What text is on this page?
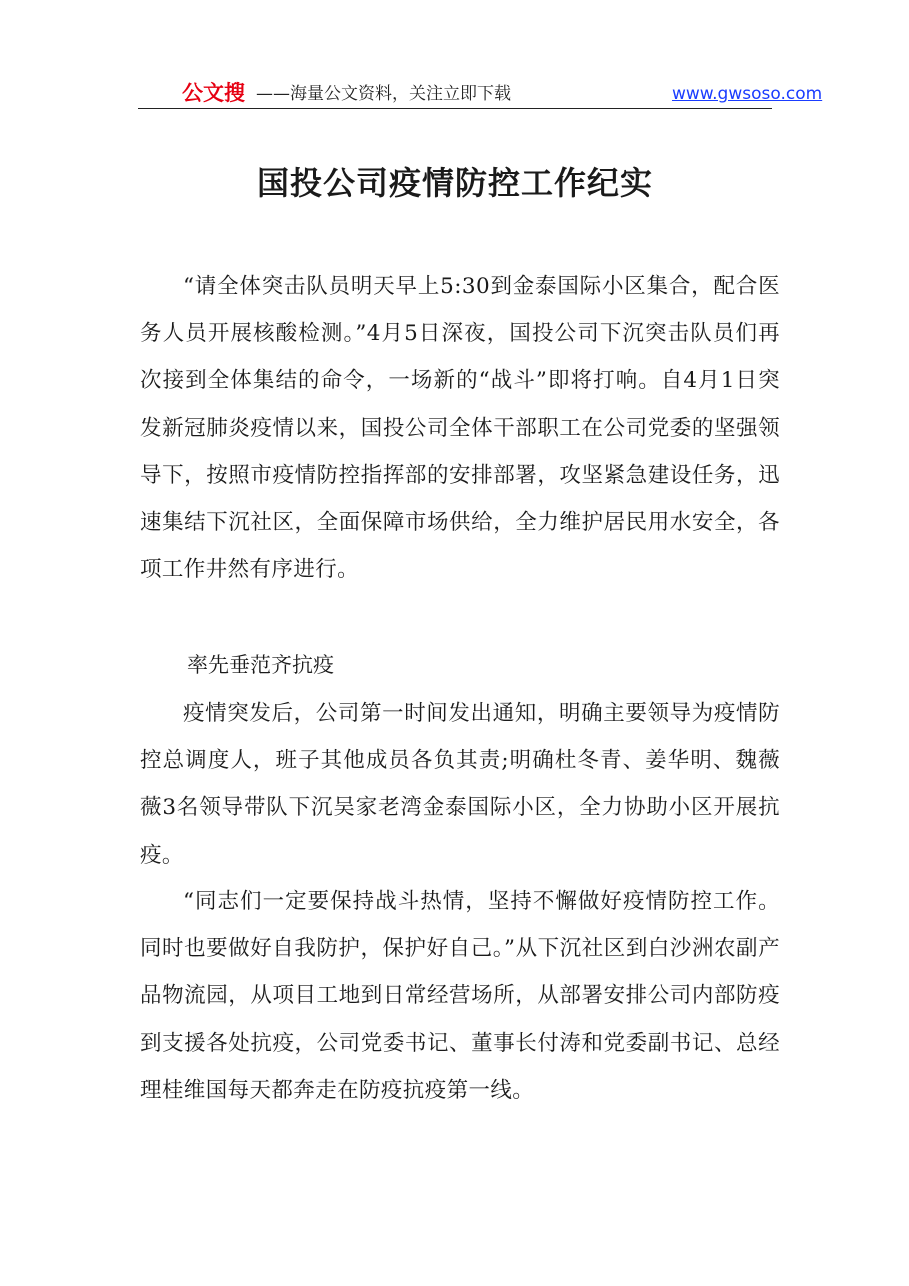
公文搜 ——海量公文资料，关注立即下载	www.gwsoso.com
国投公司疫情防控工作纪实
“请全体突击队员明天早上5:30到金泰国际小区集合，配合医务人员开展核酸检测。”4月5日深夜，国投公司下沉突击队员们再次接到全体集结的命令，一场新的“战斗”即将打响。自4月1日突发新冠肺炎疫情以来，国投公司全体干部职工在公司党委的坚强领导下，按照市疫情防控指挥部的安排部署，攻坚紧急建设任务，迅速集结下沉社区，全面保障市场供给，全力维护居民用水安全，各项工作井然有序进行。
率先垂范齐抗疫
疫情突发后，公司第一时间发出通知，明确主要领导为疫情防控总调度人，班子其他成员各负其责;明确杜冬青、姜华明、魏薇薇3名领导带队下沉吴家老湾金泰国际小区，全力协助小区开展抗疫。
“同志们一定要保持战斗热情，坚持不懈做好疫情防控工作。同时也要做好自我防护，保护好自己。”从下沉社区到白沙洲农副产品物流园，从项目工地到日常经营场所，从部署安排公司内部防疫到支援各处抗疫，公司党委书记、董事长付涛和党委副书记、总经理桂维国每天都奔走在防疫抗疫第一线。
